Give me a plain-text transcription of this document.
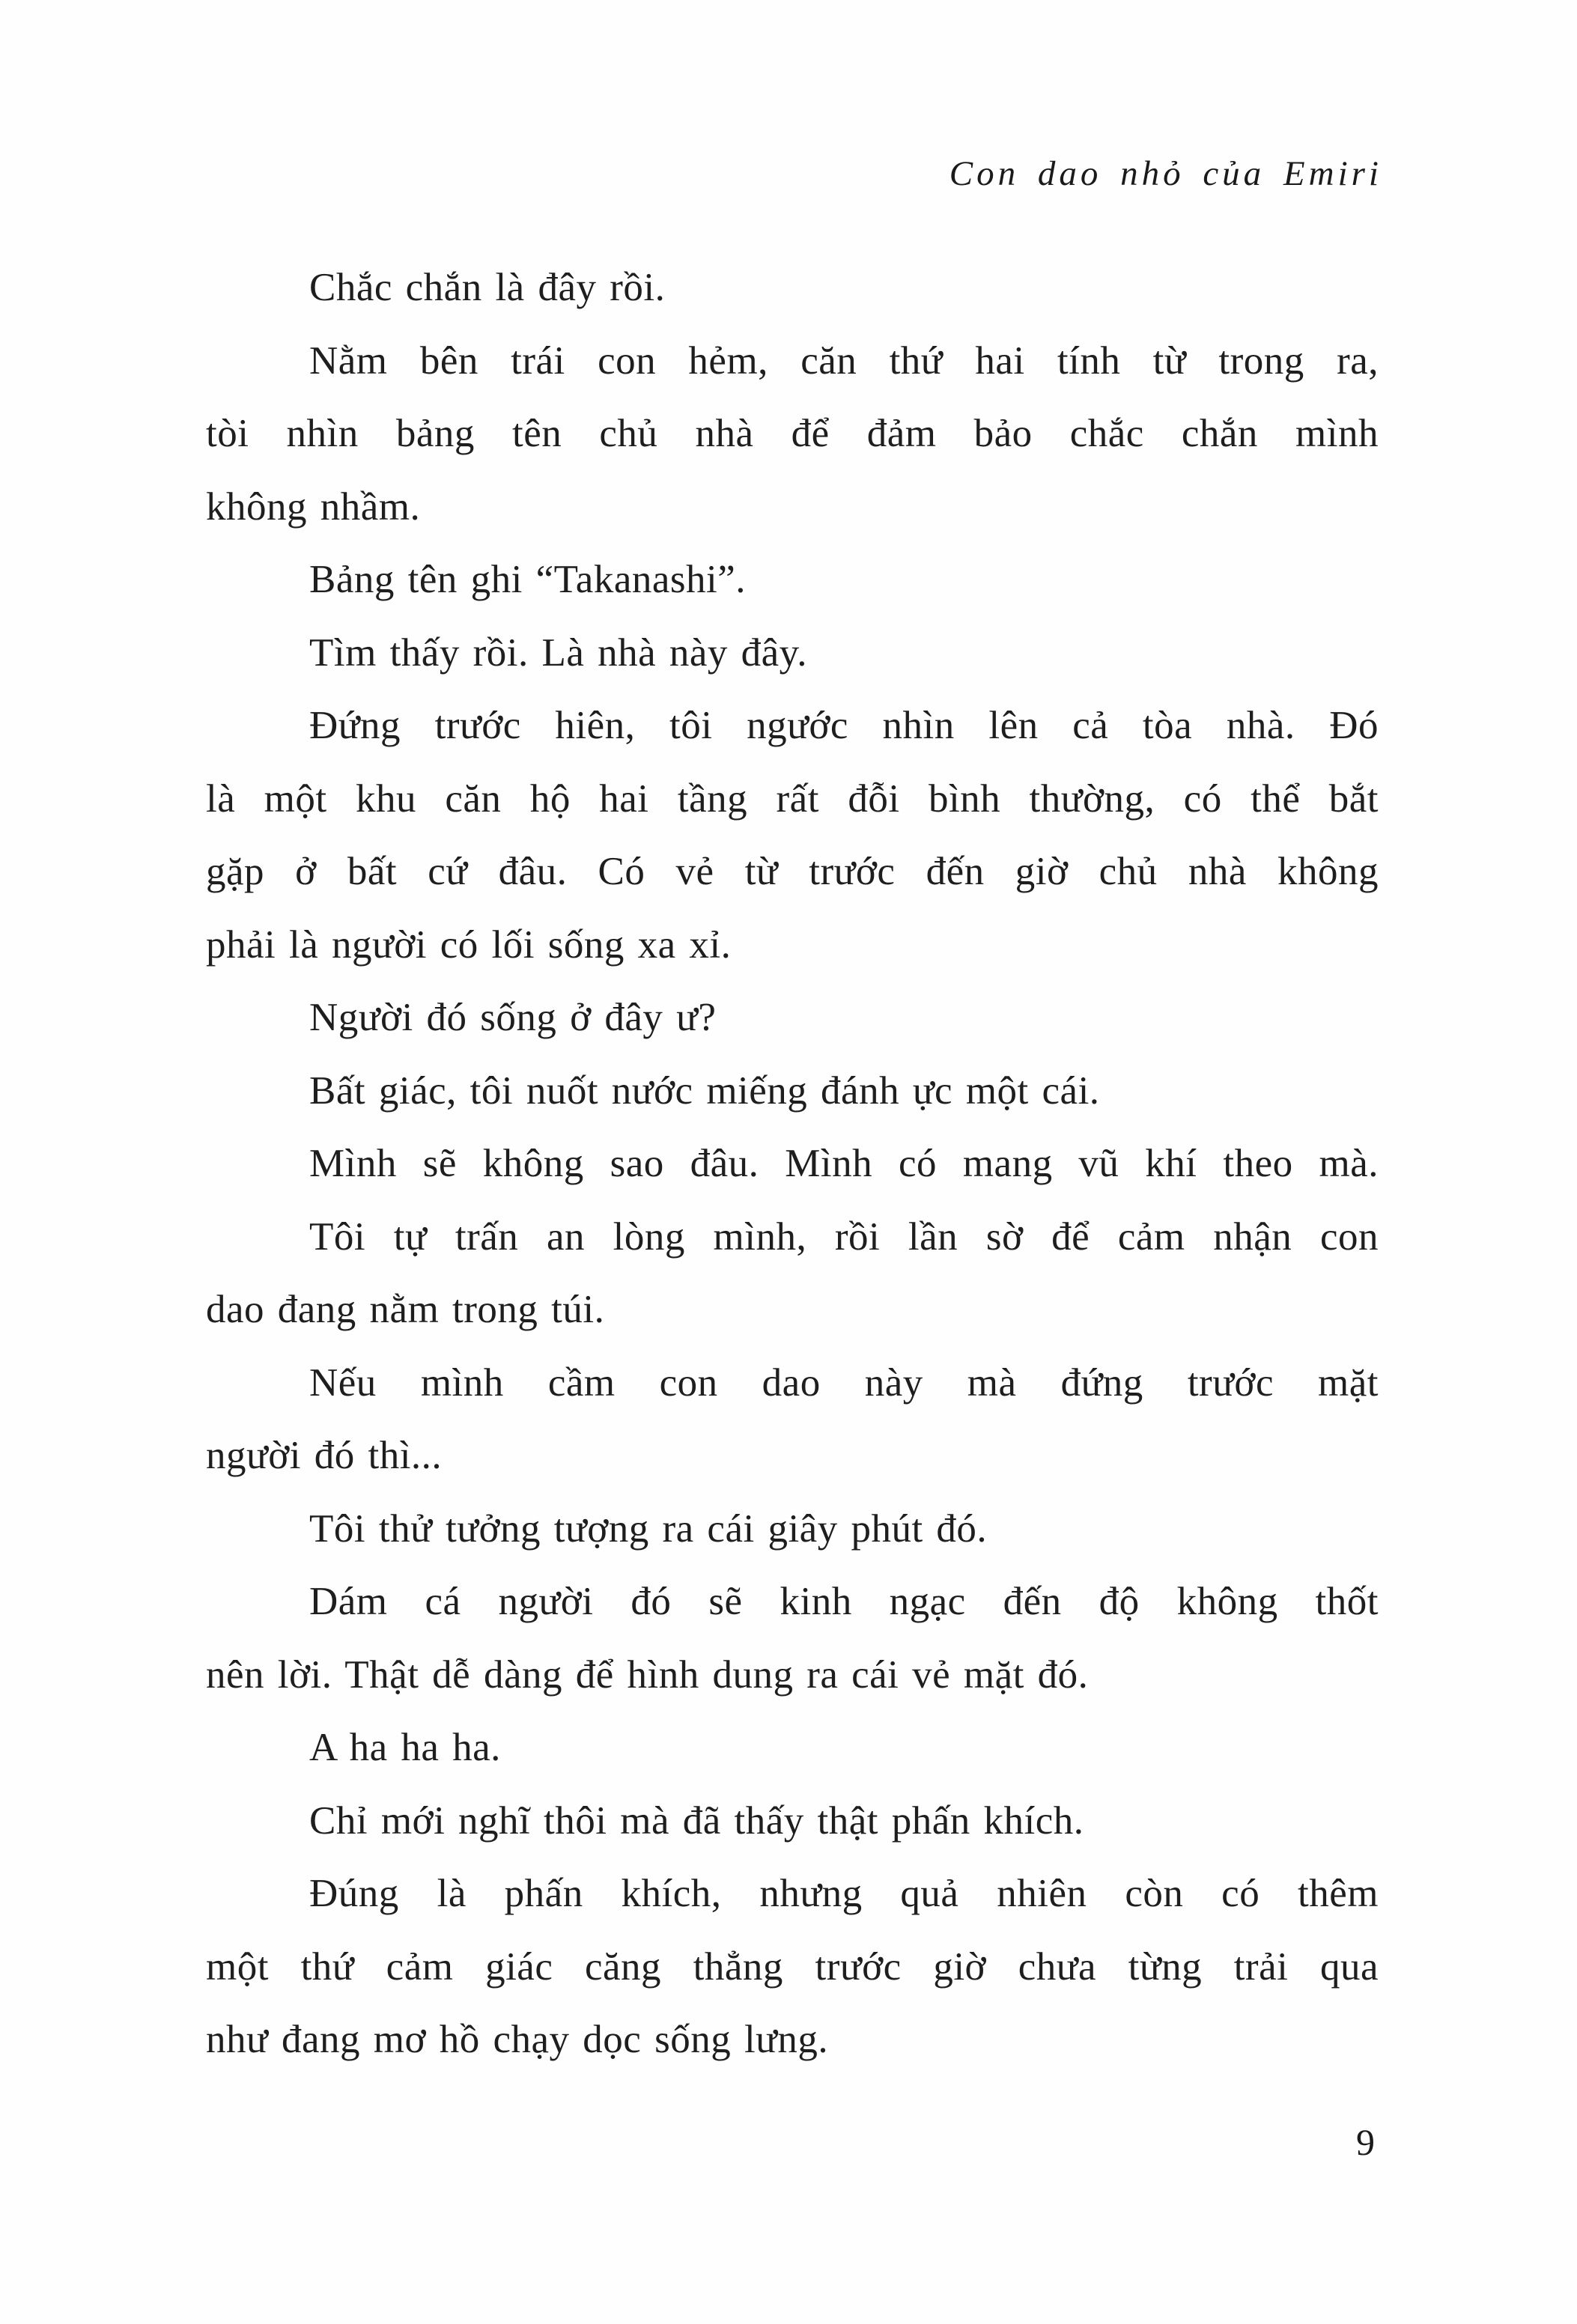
Con dao nhỏ của Emiri
Chắc chắn là đây rồi.
Nằm bên trái con hẻm, căn thứ hai tính từ trong ra,
tòi nhìn bảng tên chủ nhà để đảm bảo chắc chắn mình
không nhầm.
Bảng tên ghi “Takanashi”.
Tìm thấy rồi. Là nhà này đây.
Đứng trước hiên, tôi ngước nhìn lên cả tòa nhà. Đó
là một khu căn hộ hai tầng rất đỗi bình thường, có thể bắt
gặp ở bất cứ đâu. Có vẻ từ trước đến giờ chủ nhà không
phải là người có lối sống xa xỉ.
Người đó sống ở đây ư?
Bất giác, tôi nuốt nước miếng đánh ực một cái.
Mình sẽ không sao đâu. Mình có mang vũ khí theo mà.
Tôi tự trấn an lòng mình, rồi lần sờ để cảm nhận con
dao đang nằm trong túi.
Nếu mình cầm con dao này mà đứng trước mặt
người đó thì...
Tôi thử tưởng tượng ra cái giây phút đó.
Dám cá người đó sẽ kinh ngạc đến độ không thốt
nên lời. Thật dễ dàng để hình dung ra cái vẻ mặt đó.
A ha ha ha.
Chỉ mới nghĩ thôi mà đã thấy thật phấn khích.
Đúng là phấn khích, nhưng quả nhiên còn có thêm
một thứ cảm giác căng thẳng trước giờ chưa từng trải qua
như đang mơ hồ chạy dọc sống lưng.
9
